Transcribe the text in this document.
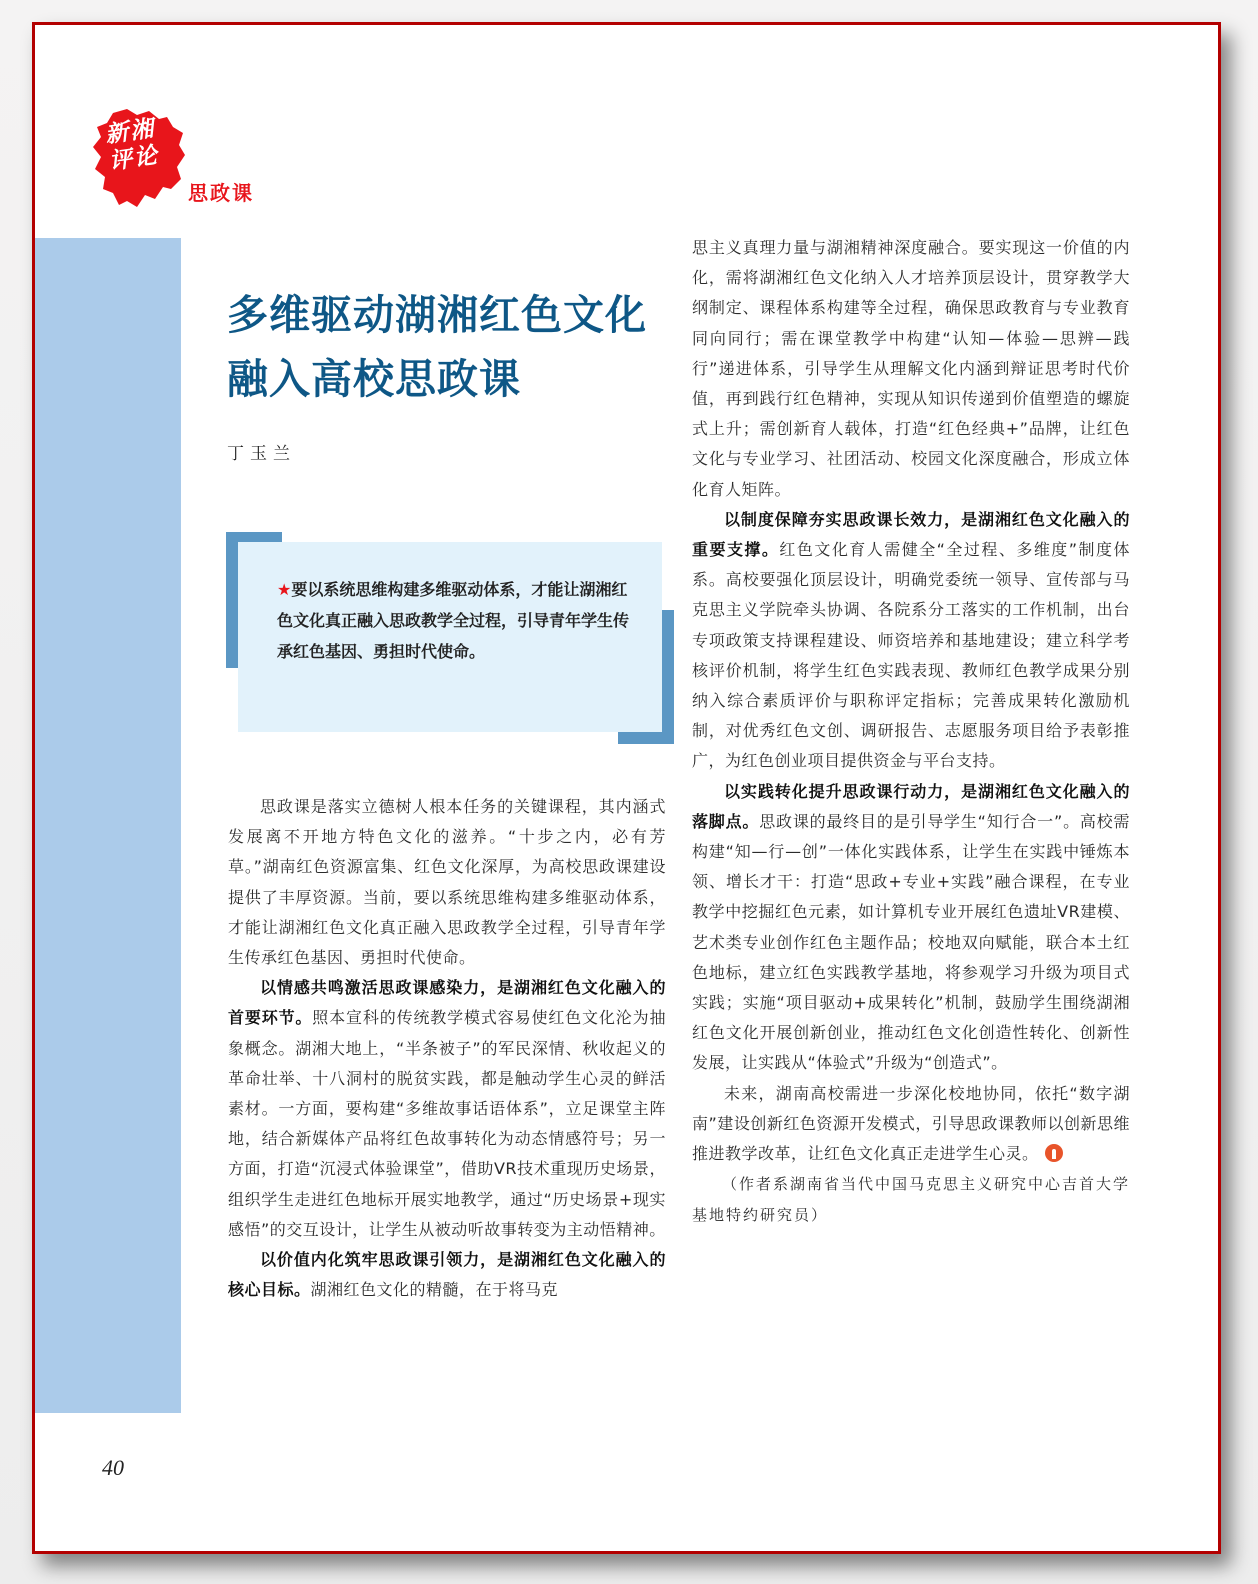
新湘评论
思政课
多维驱动湖湘红色文化
融入高校思政课
丁玉兰
★要以系统思维构建多维驱动体系，才能让湖湘红色文化真正融入思政教学全过程，引导青年学生传承红色基因、勇担时代使命。

思政课是落实立德树人根本任务的关键课程，其内涵式发展离不开地方特色文化的滋养。“十步之内，必有芳草。”湖南红色资源富集、红色文化深厚，为高校思政课建设提供了丰厚资源。当前，要以系统思维构建多维驱动体系，才能让湖湘红色文化真正融入思政教学全过程，引导青年学生传承红色基因、勇担时代使命。

以情感共鸣激活思政课感染力，是湖湘红色文化融入的首要环节。照本宣科的传统教学模式容易使红色文化沦为抽象概念。湖湘大地上，“半条被子”的军民深情、秋收起义的革命壮举、十八洞村的脱贫实践，都是触动学生心灵的鲜活素材。一方面，要构建“多维故事话语体系”，立足课堂主阵地，结合新媒体产品将红色故事转化为动态情感符号；另一方面，打造“沉浸式体验课堂”，借助VR技术重现历史场景，组织学生走进红色地标开展实地教学，通过“历史场景+现实感悟”的交互设计，让学生从被动听故事转变为主动悟精神。

以价值内化筑牢思政课引领力，是湖湘红色文化融入的核心目标。湖湘红色文化的精髓，在于将马克

思主义真理力量与湖湘精神深度融合。要实现这一价值的内化，需将湖湘红色文化纳入人才培养顶层设计，贯穿教学大纲制定、课程体系构建等全过程，确保思政教育与专业教育同向同行；需在课堂教学中构建“认知—体验—思辨—践行”递进体系，引导学生从理解文化内涵到辩证思考时代价值，再到践行红色精神，实现从知识传递到价值塑造的螺旋式上升；需创新育人载体，打造“红色经典+”品牌，让红色文化与专业学习、社团活动、校园文化深度融合，形成立体化育人矩阵。

以制度保障夯实思政课长效力，是湖湘红色文化融入的重要支撑。红色文化育人需健全“全过程、多维度”制度体系。高校要强化顶层设计，明确党委统一领导、宣传部与马克思主义学院牵头协调、各院系分工落实的工作机制，出台专项政策支持课程建设、师资培养和基地建设；建立科学考核评价机制，将学生红色实践表现、教师红色教学成果分别纳入综合素质评价与职称评定指标；完善成果转化激励机制，对优秀红色文创、调研报告、志愿服务项目给予表彰推广，为红色创业项目提供资金与平台支持。

以实践转化提升思政课行动力，是湖湘红色文化融入的落脚点。思政课的最终目的是引导学生“知行合一”。高校需构建“知—行—创”一体化实践体系，让学生在实践中锤炼本领、增长才干：打造“思政+专业+实践”融合课程，在专业教学中挖掘红色元素，如计算机专业开展红色遗址VR建模、艺术类专业创作红色主题作品；校地双向赋能，联合本土红色地标，建立红色实践教学基地，将参观学习升级为项目式实践；实施“项目驱动+成果转化”机制，鼓励学生围绕湖湘红色文化开展创新创业，推动红色文化创造性转化、创新性发展，让实践从“体验式”升级为“创造式”。

未来，湖南高校需进一步深化校地协同，依托“数字湖南”建设创新红色资源开发模式，引导思政课教师以创新思维推进教学改革，让红色文化真正走进学生心灵。

（作者系湖南省当代中国马克思主义研究中心吉首大学基地特约研究员）

40
